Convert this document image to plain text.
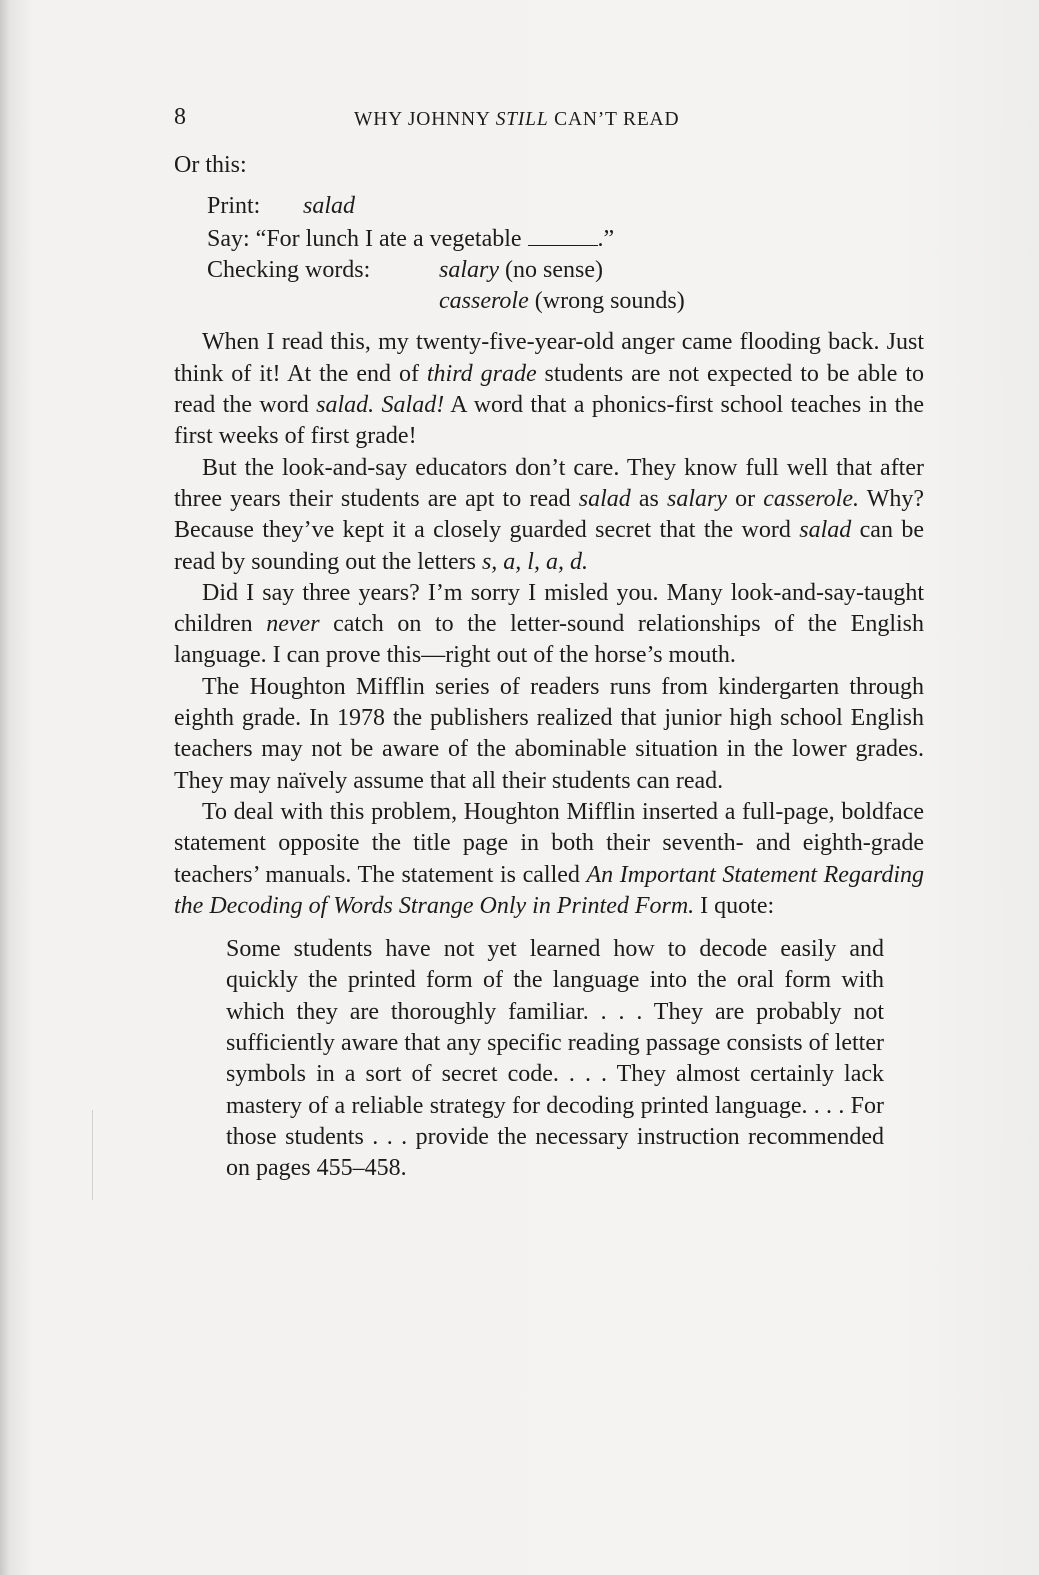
8	WHY JOHNNY STILL CAN’T READ

Or this:

Print: salad
Say: “For lunch I ate a vegetable	.”
Checking words:	salary (no sense)
casserole (wrong sounds)

When I read this, my twenty-five-year-old anger came flooding back. Just think of it! At the end of third grade students are not expected to be able to read the word salad. Salad! A word that a phonics-first school teaches in the first weeks of first grade!

But the look-and-say educators don’t care. They know full well that after three years their students are apt to read salad as salary or casserole. Why? Because they’ve kept it a closely guarded secret that the word salad can be read by sounding out the letters s, a, l, a, d.

Did I say three years? I’m sorry I misled you. Many look-and-say-taught children never catch on to the letter-sound relationships of the English language. I can prove this—right out of the horse’s mouth.

The Houghton Mifflin series of readers runs from kindergarten through eighth grade. In 1978 the publishers realized that junior high school English teachers may not be aware of the abominable situation in the lower grades. They may naïvely assume that all their students can read.

To deal with this problem, Houghton Mifflin inserted a full-page, boldface statement opposite the title page in both their seventh- and eighth-grade teachers’ manuals. The statement is called An Important Statement Regarding the Decoding of Words Strange Only in Printed Form. I quote:

Some students have not yet learned how to decode easily and quickly the printed form of the language into the oral form with which they are thoroughly familiar. . . . They are probably not sufficiently aware that any specific reading passage consists of letter symbols in a sort of secret code. . . . They almost certainly lack mastery of a reliable strategy for decoding printed language. . . . For those students . . . provide the necessary instruction recommended on pages 455–458.
